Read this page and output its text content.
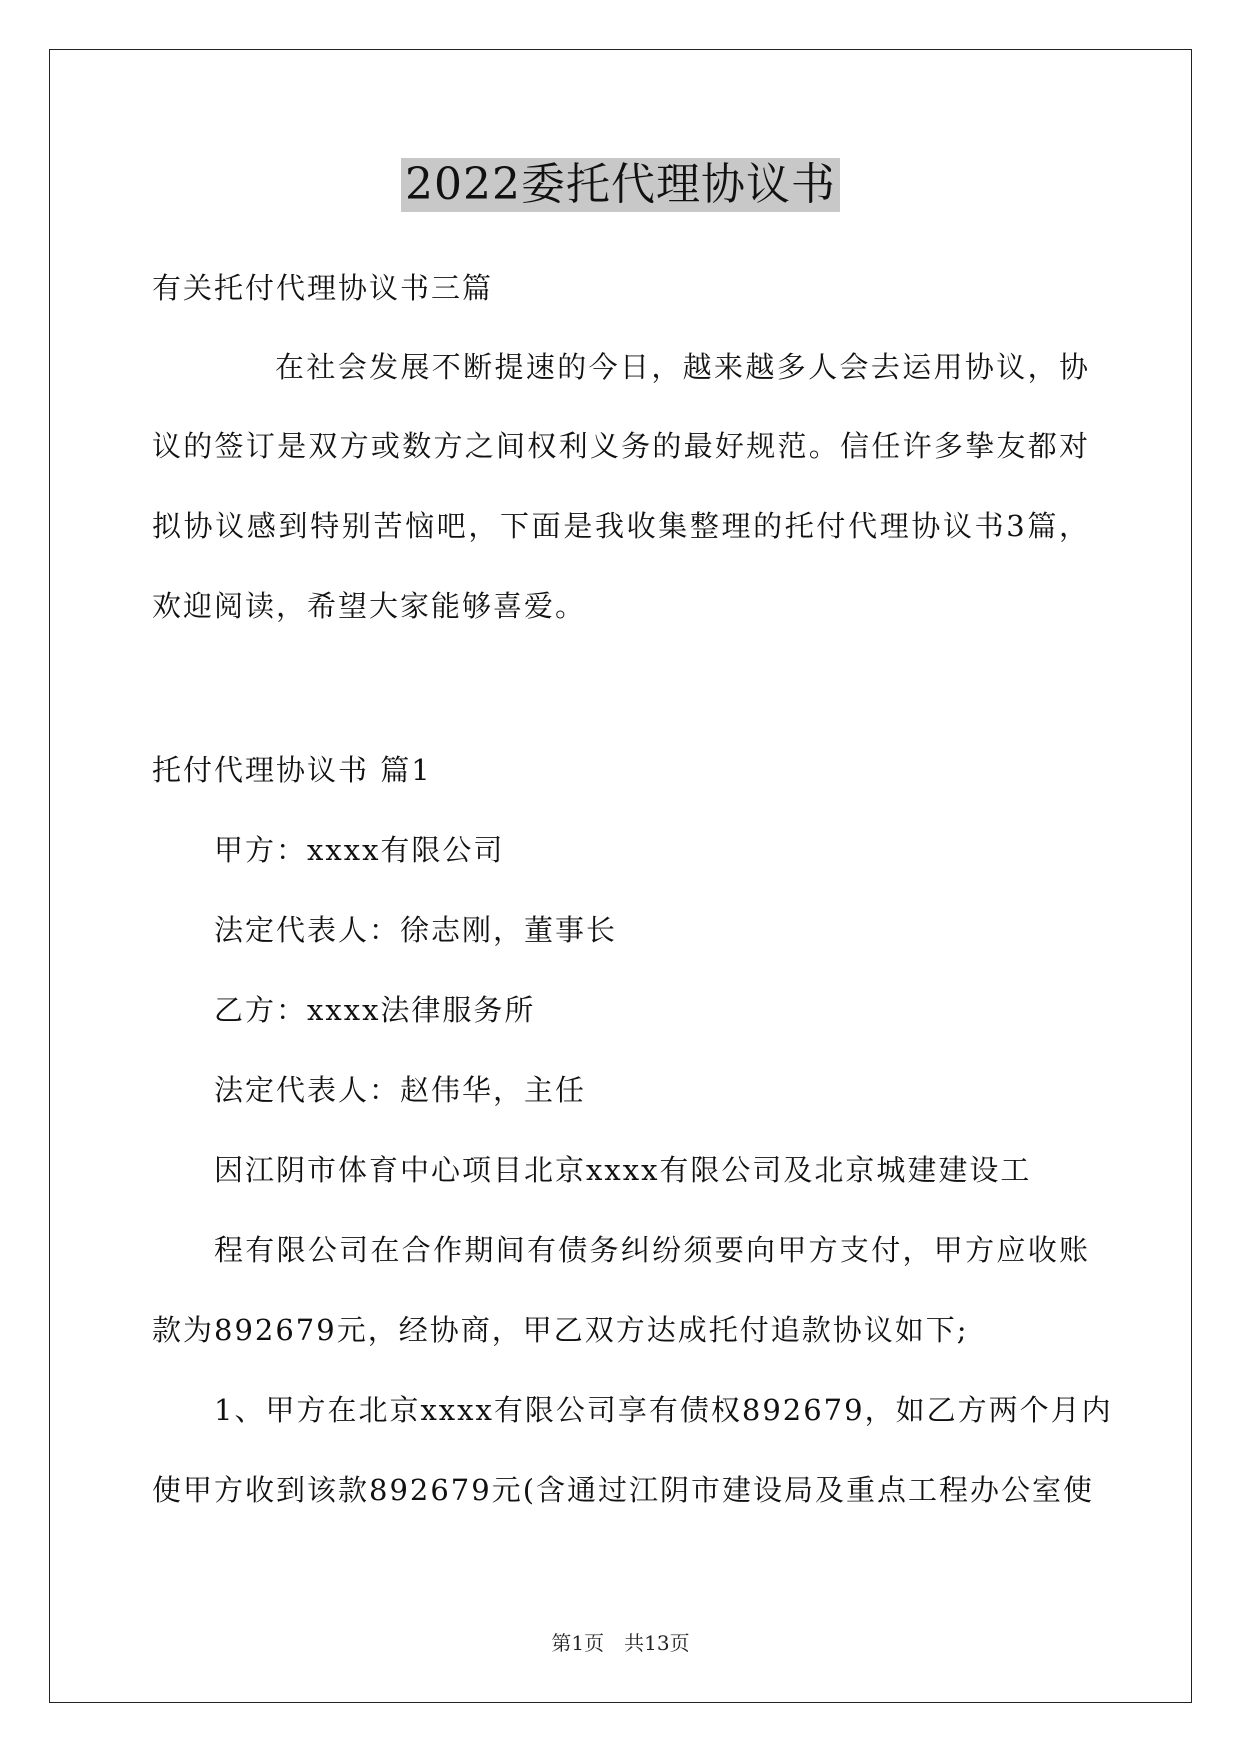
2022委托代理协议书
有关托付代理协议书三篇
在社会发展不断提速的今日，越来越多人会去运用协议，协
议的签订是双方或数方之间权利义务的最好规范。信任许多挚友都对
拟协议感到特别苦恼吧，下面是我收集整理的托付代理协议书3篇，
欢迎阅读，希望大家能够喜爱。
托付代理协议书 篇1
甲方：xxxx有限公司
法定代表人：徐志刚，董事长
乙方：xxxx法律服务所
法定代表人：赵伟华，主任
因江阴市体育中心项目北京xxxx有限公司及北京城建建设工
程有限公司在合作期间有债务纠纷须要向甲方支付，甲方应收账
款为892679元，经协商，甲乙双方达成托付追款协议如下;
1、甲方在北京xxxx有限公司享有债权892679，如乙方两个月内
使甲方收到该款892679元(含通过江阴市建设局及重点工程办公室使
第1页　共13页
